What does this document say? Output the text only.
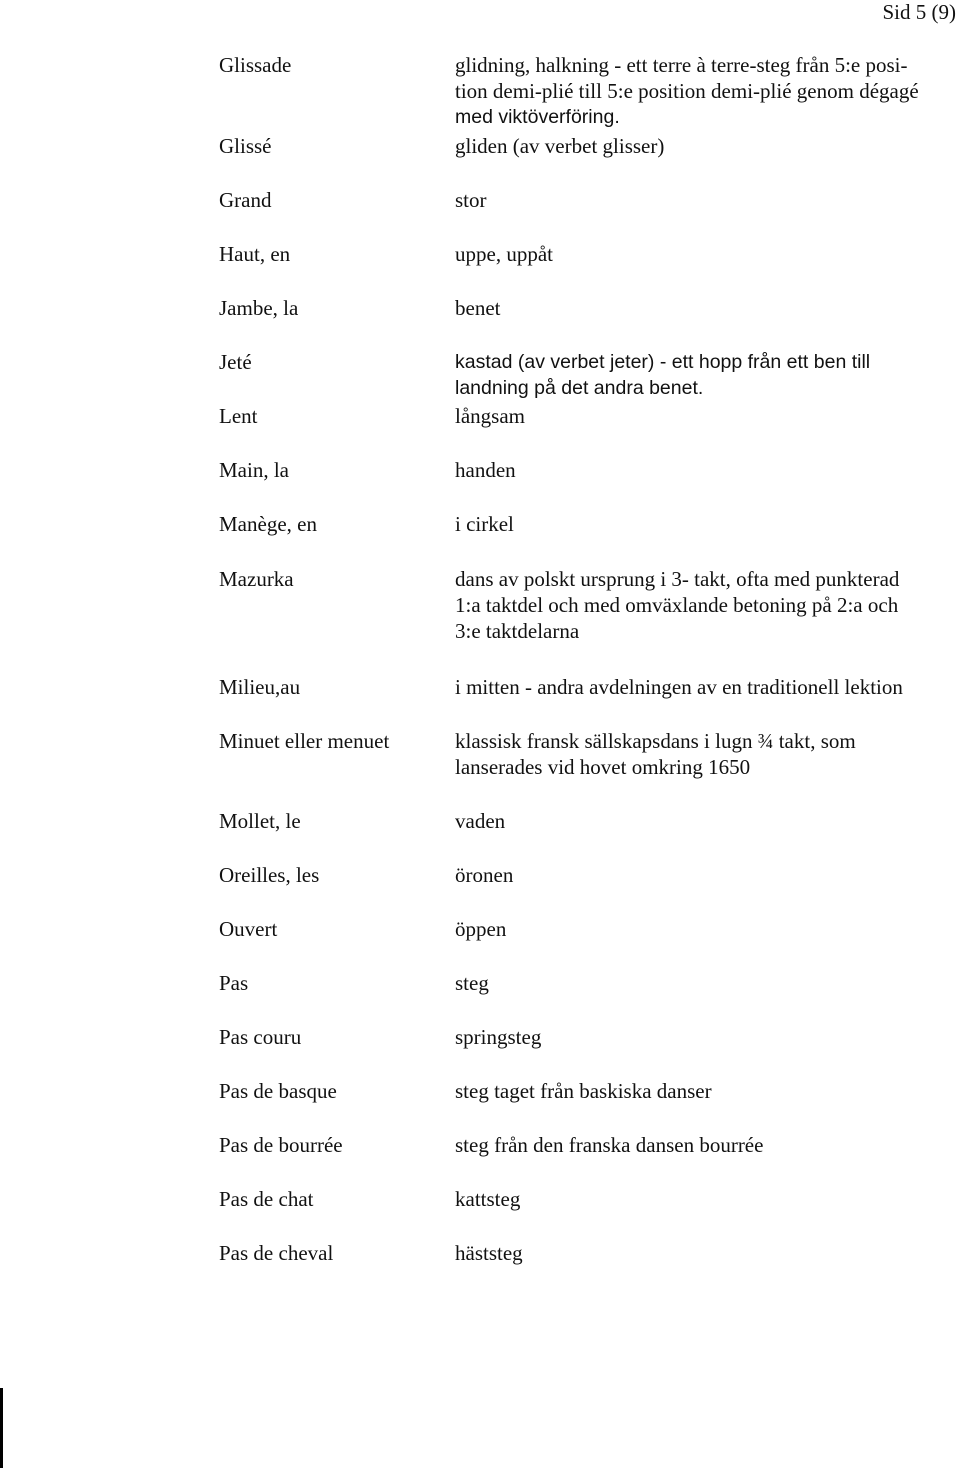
Sid 5 (9)
Glissade	glidning, halkning - ett terre à terre-steg från 5:e posi-
tion demi-plié till 5:e position demi-plié genom dégagé
med viktöverföring.
Glissé	gliden (av verbet glisser)
Grand	stor
Haut, en	uppe, uppåt
Jambe, la	benet
Jeté	kastad (av verbet jeter) - ett hopp från ett ben till
landning på det andra benet.
Lent	långsam
Main, la	handen
Manège, en	i cirkel
Mazurka	dans av polskt ursprung i 3- takt, ofta med punkterad
1:a taktdel och med omväxlande betoning på 2:a och
3:e taktdelarna
Milieu,au	i mitten - andra avdelningen av en traditionell lektion
Minuet eller menuet	klassisk fransk sällskapsdans i lugn ¾ takt, som
lanserades vid hovet omkring 1650
Mollet, le	vaden
Oreilles, les	öronen
Ouvert	öppen
Pas	steg
Pas couru	springsteg
Pas de basque	steg taget från baskiska danser
Pas de bourrée	steg från den franska dansen bourrée
Pas de chat	kattsteg
Pas de cheval	häststeg
